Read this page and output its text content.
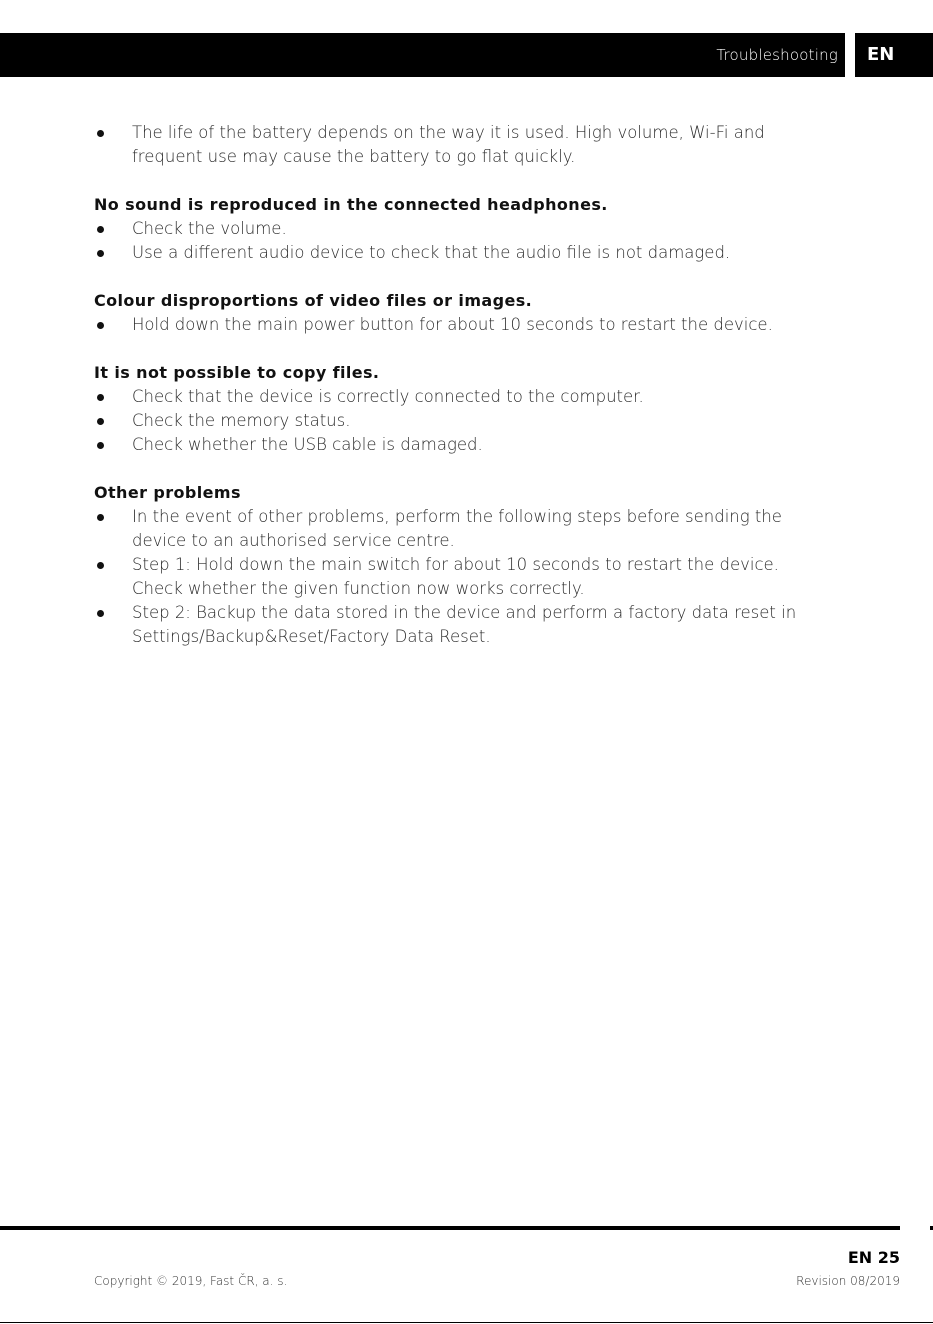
Troubleshooting	EN
The life of the battery depends on the way it is used. High volume, Wi-Fi and frequent use may cause the battery to go flat quickly.
No sound is reproduced in the connected headphones.
Check the volume.
Use a different audio device to check that the audio file is not damaged.
Colour disproportions of video files or images.
Hold down the main power button for about 10 seconds to restart the device.
It is not possible to copy files.
Check that the device is correctly connected to the computer.
Check the memory status.
Check whether the USB cable is damaged.
Other problems
In the event of other problems, perform the following steps before sending the device to an authorised service centre.
Step 1: Hold down the main switch for about 10 seconds to restart the device. Check whether the given function now works correctly.
Step 2: Backup the data stored in the device and perform a factory data reset in Settings/Backup&Reset/Factory Data Reset.
EN 25
Copyright © 2019, Fast ČR, a. s.	Revision 08/2019
